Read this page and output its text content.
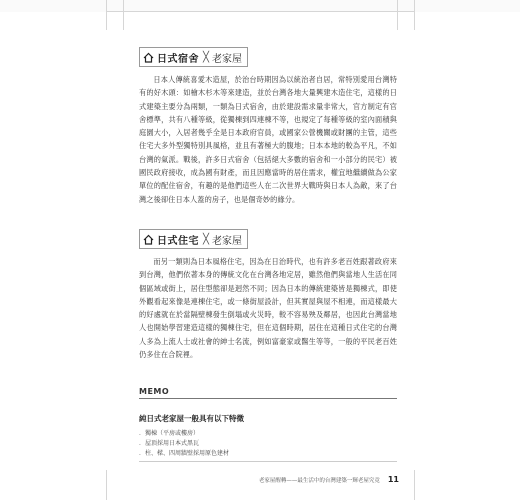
日式宿舍 ╳ 老家屋

日本人傳統喜愛木造屋，於治台時期因為以統治者自居，常特別愛用台灣特有的好木頭：如檜木杉木等來建造，並於台灣各地大量興建木造住宅，這樣的日式建築主要分為兩類，一類為日式宿舍，由於建設需求量非常大，官方制定有官舍標準，共有八種等級，從獨棟到四連棟不等，也規定了每種等級的室內面積與庭園大小，入居者幾乎全是日本政府官員，或國家公營機關或財團的主管，這些住宅大多外型獨特別具風格，並且有著極大的腹地；日本本地的較為平凡，不如台灣的氣派。戰後，許多日式宿舍（包括絕大多數的宿舍和一小部分的民宅）被國民政府接收，成為國有財產，而且因應當時的居住需求，權宜地繼續做為公家單位的配住宿舍，有趣的是他們這些人在二次世界大戰時與日本人為敵，來了台灣之後卻住日本人蓋的房子，也是個奇妙的緣分。

日式住宅 ╳ 老家屋

而另一類則為日本風格住宅，因為在日治時代，也有許多老百姓跟著政府來到台灣，他們依著本身的傳統文化在台灣各地定居，雖然他們與當地人生活在同個區域或街上，居住型態卻是迥然不同；因為日本的傳統建築皆是獨棟式，即使外觀看起來像是連棟住宅，或一條街屋設計，但其實屋與屋不相連，而這樣最大的好處就在於當隔壁棟發生倒塌或火災時，較不容易殃及鄰居，也因此台灣當地人也開始學習建造這樣的獨棟住宅，但在這個時期，居住在這種日式住宅的台灣人多為上流人士或社會的紳士名流，例如富豪家或醫生等等，一般的平民老百姓仍多住在合院裡。

MEMO
純日式老家屋一般具有以下特徵
．獨棟（平房或樓房）
．屋頂採用日本式黑瓦
．柱、樑、四周牆壁採用原色建材
老家屋醒轉——最生活中的台灣建築一輝老屋究竟 11
